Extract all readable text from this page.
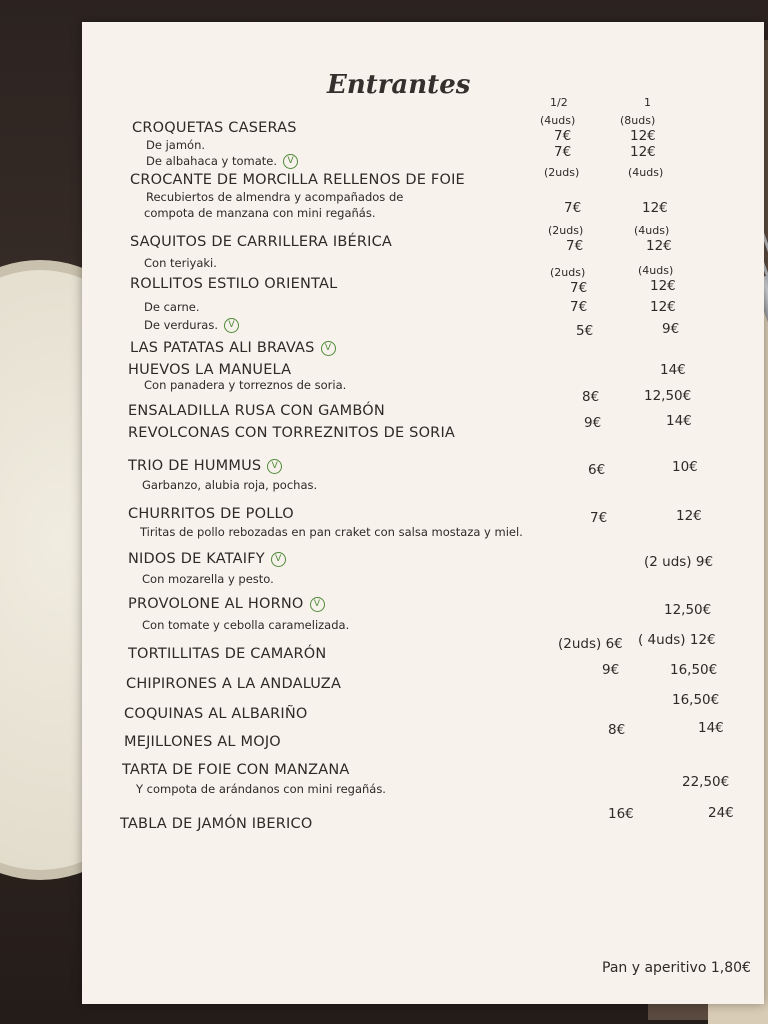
Entrantes
1/2	1
CROQUETAS CASERAS
CROCANTE DE MORCILLA RELLENOS DE FOIE
SAQUITOS DE CARRILLERA IBÉRICA
ROLLITOS ESTILO ORIENTAL
LAS PATATAS ALI BRAVAS V
HUEVOS LA MANUELA
ENSALADILLA RUSA CON GAMBÓN
REVOLCONAS CON TORREZNITOS DE SORIA
TRIO DE HUMMUS V
CHURRITOS DE POLLO
NIDOS DE KATAIFY V
PROVOLONE AL HORNO V
TORTILLITAS DE CAMARÓN
CHIPIRONES A LA ANDALUZA
COQUINAS AL ALBARIÑO
MEJILLONES AL MOJO
TARTA DE FOIE CON MANZANA
TABLA DE JAMÓN IBERICO
De jamón.
De albahaca y tomate. V
Recubiertos de almendra y acompañados de
compota de manzana con mini regañás.
Con teriyaki.
De carne.
De verduras. V
Con panadera y torreznos de soria.
Garbanzo, alubia roja, pochas.
Tiritas de pollo rebozadas en pan craket con salsa mostaza y miel.
Con mozarella y pesto.
Con tomate y cebolla caramelizada.
Y compota de arándanos con mini regañás.
(4uds)
7€
7€
(2uds)
7€
(2uds)
7€
(2uds)
7€
7€
5€
8€
9€
6€
7€
(2uds) 6€
9€
8€
16€
(8uds)
12€
12€
(4uds)
12€
(4uds)
12€
(4uds)
12€
12€
9€
14€
12,50€
14€
10€
12€
(2 uds) 9€
12,50€
( 4uds) 12€
16,50€
16,50€
14€
22,50€
24€
Pan y aperitivo 1,80€
